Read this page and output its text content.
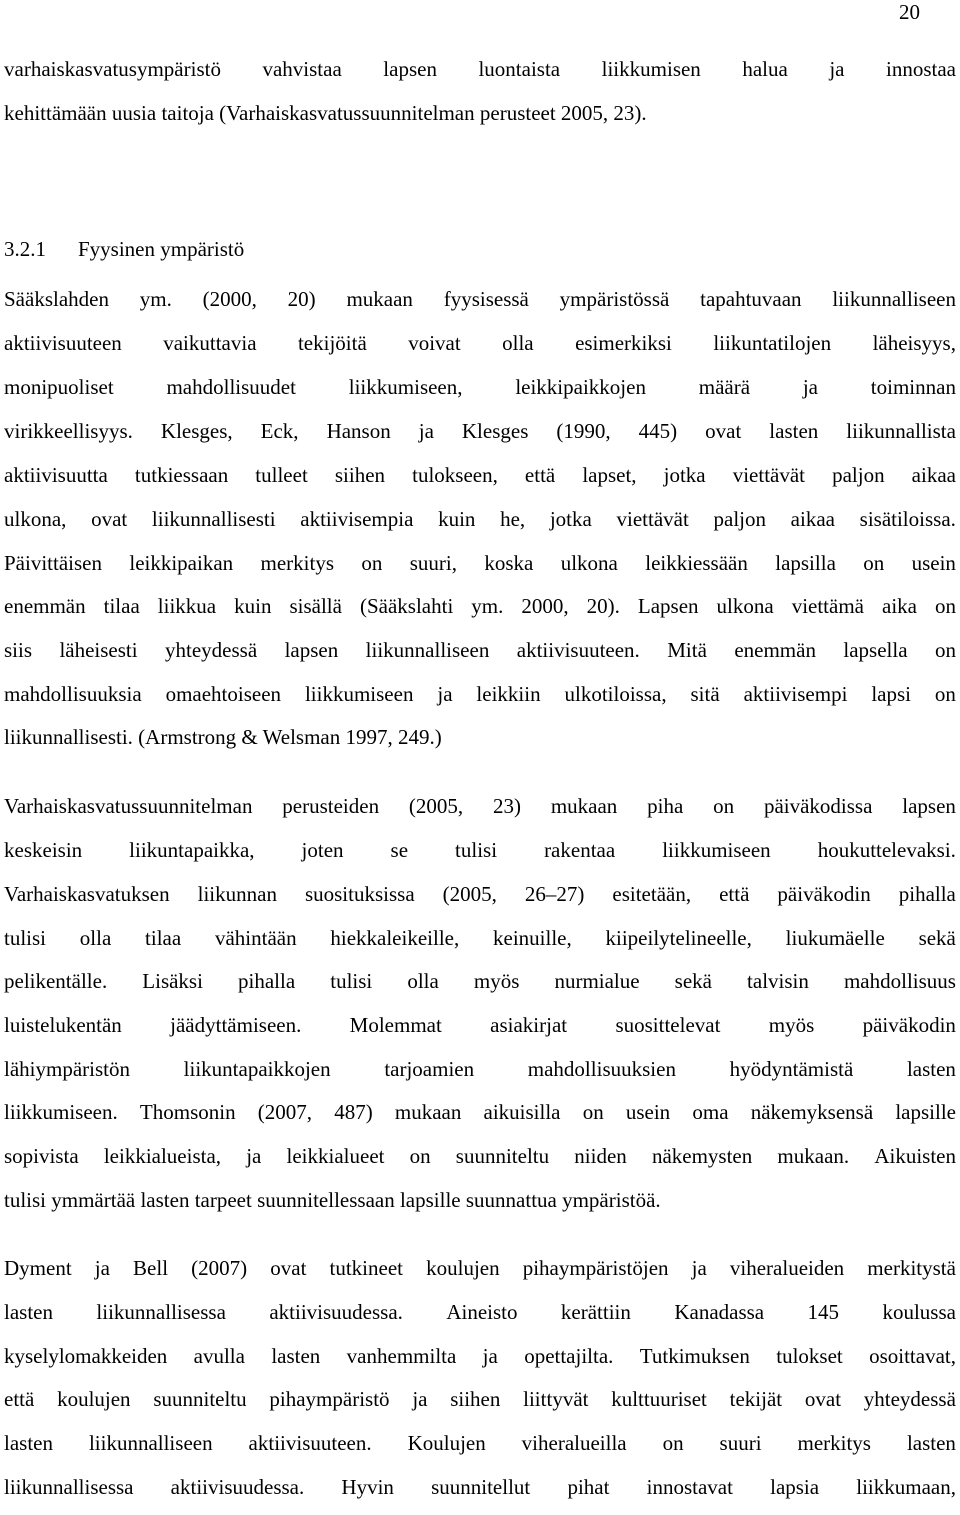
20
varhaiskasvatusympäristö vahvistaa lapsen luontaista liikkumisen halua ja innostaa
kehittämään uusia taitoja (Varhaiskasvatussuunnitelman perusteet 2005, 23).
Sääkslahden ym. (2000, 20) mukaan fyysisessä ympäristössä tapahtuvaan liikunnalliseen
aktiivisuuteen vaikuttavia tekijöitä voivat olla esimerkiksi liikuntatilojen läheisyys,
monipuoliset	mahdollisuudet	liikkumiseen,	leikkipaikkojen	määrä	ja	toiminnan
virikkeellisyys. Klesges, Eck, Hanson ja Klesges (1990, 445) ovat lasten liikunnallista
aktiivisuutta tutkiessaan tulleet siihen tulokseen, että lapset, jotka viettävät paljon aikaa
ulkona, ovat liikunnallisesti aktiivisempia kuin he, jotka viettävät paljon aikaa sisätiloissa.
Päivittäisen leikkipaikan merkitys on suuri, koska ulkona leikkiessään lapsilla on usein
enemmän tilaa liikkua kuin sisällä (Sääkslahti ym. 2000, 20). Lapsen ulkona viettämä aika on
siis läheisesti yhteydessä lapsen liikunnalliseen aktiivisuuteen. Mitä enemmän lapsella on
mahdollisuuksia omaehtoiseen liikkumiseen ja leikkiin ulkotiloissa, sitä aktiivisempi lapsi on
liikunnallisesti. (Armstrong & Welsman 1997, 249.)
Varhaiskasvatussuunnitelman perusteiden (2005, 23) mukaan piha on päiväkodissa lapsen
keskeisin liikuntapaikka, joten se tulisi rakentaa liikkumiseen houkuttelevaksi.
Varhaiskasvatuksen liikunnan suosituksissa (2005, 26–27) esitetään, että päiväkodin pihalla
tulisi olla tilaa vähintään hiekkaleikeille, keinuille, kiipeilytelineelle, liukumäelle sekä
pelikentälle. Lisäksi pihalla tulisi olla myös nurmialue sekä talvisin mahdollisuus
luistelukentän jäädyttämiseen. Molemmat asiakirjat suosittelevat myös päiväkodin
lähiympäristön	liikuntapaikkojen	tarjoamien	mahdollisuuksien	hyödyntämistä	lasten
liikkumiseen. Thomsonin (2007, 487) mukaan aikuisilla on usein oma näkemyksensä lapsille
sopivista leikkialueista, ja leikkialueet on suunniteltu niiden näkemysten mukaan. Aikuisten
tulisi ymmärtää lasten tarpeet suunnitellessaan lapsille suunnattua ympäristöä.
Dyment ja Bell (2007) ovat tutkineet koulujen pihaympäristöjen ja viheralueiden merkitystä
lasten liikunnallisessa aktiivisuudessa. Aineisto kerättiin Kanadassa 145 koulussa
kyselylomakkeiden avulla lasten vanhemmilta ja opettajilta. Tutkimuksen tulokset osoittavat,
että koulujen suunniteltu pihaympäristö ja siihen liittyvät kulttuuriset tekijät ovat yhteydessä
lasten liikunnalliseen aktiivisuuteen. Koulujen viheralueilla on suuri merkitys lasten
liikunnallisessa aktiivisuudessa. Hyvin suunnitellut pihat innostavat lapsia liikkumaan,
3.2.1 Fyysinen ympäristö
